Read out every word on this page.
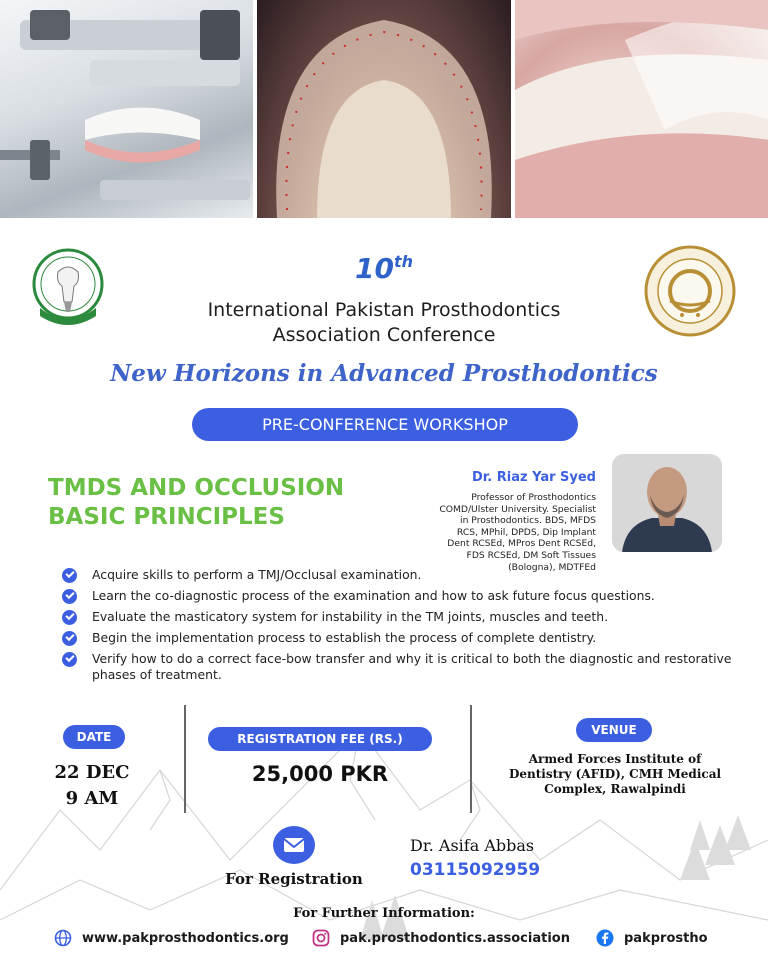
10th
International Pakistan Prosthodontics
Association Conference
New Horizons in Advanced Prosthodontics
PRE-CONFERENCE WORKSHOP
TMDS AND OCCLUSION
BASIC PRINCIPLES
Dr. Riaz Yar Syed
Professor of Prosthodontics
COMD/Ulster University. Specialist
in Prosthodontics. BDS, MFDS
RCS, MPhil, DPDS, Dip Implant
Dent RCSEd, MPros Dent RCSEd,
FDS RCSEd, DM Soft Tissues
(Bologna), MDTFEd
Acquire skills to perform a TMJ/Occlusal examination.
Learn the co-diagnostic process of the examination and how to ask future focus questions.
Evaluate the masticatory system for instability in the TM joints, muscles and teeth.
Begin the implementation process to establish the process of complete dentistry.
Verify how to do a correct face-bow transfer and why it is critical to both the diagnostic and restorative phases of treatment.
DATE
22 DEC
9 AM
REGISTRATION FEE (RS.)
25,000 PKR
VENUE
Armed Forces Institute of
Dentistry (AFID), CMH Medical
Complex, Rawalpindi
For Registration
Dr. Asifa Abbas
03115092959
For Further Information:
www.pakprosthodontics.org	pak.prosthodontics.association	pakprostho
